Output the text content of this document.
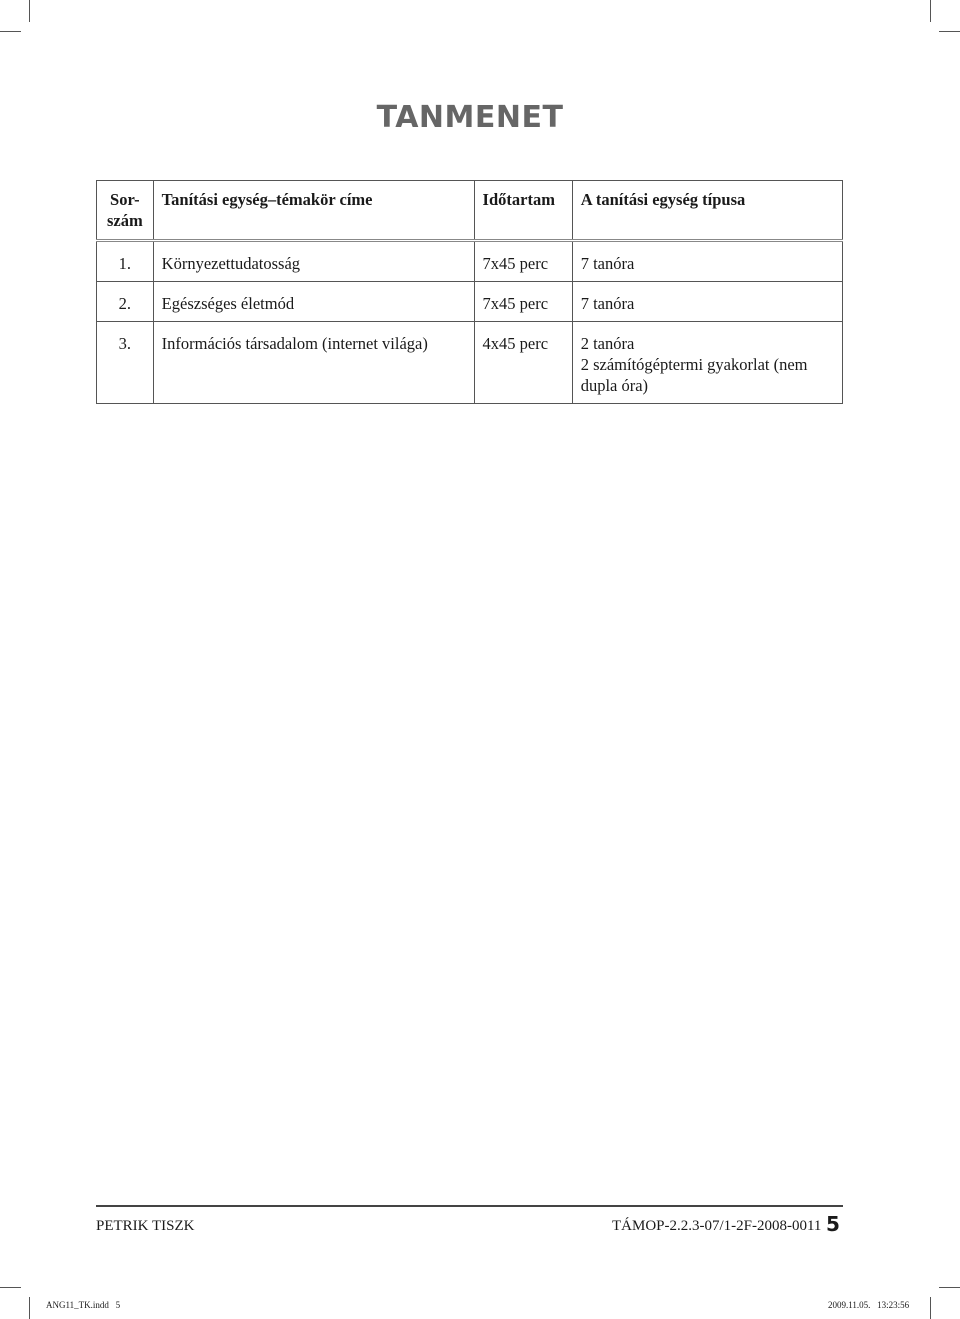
TANMENET
Sor-
szám	Tanítási egység–témakör címe	Időtartam	A tanítási egység típusa
1.	Környezettudatosság	7x45 perc	7 tanóra

2.	Egészséges életmód	7x45 perc	7 tanóra

3.	Információs társadalom (internet világa)	4x45 perc	2 tanóra
2 számítógéptermi gyakorlat (nem dupla óra)
PETRIK TISZK	TÁMOP-2.2.3-07/1-2F-2008-0011 5
ANG11_TK.indd   5	2009.11.05.   13:23:56
